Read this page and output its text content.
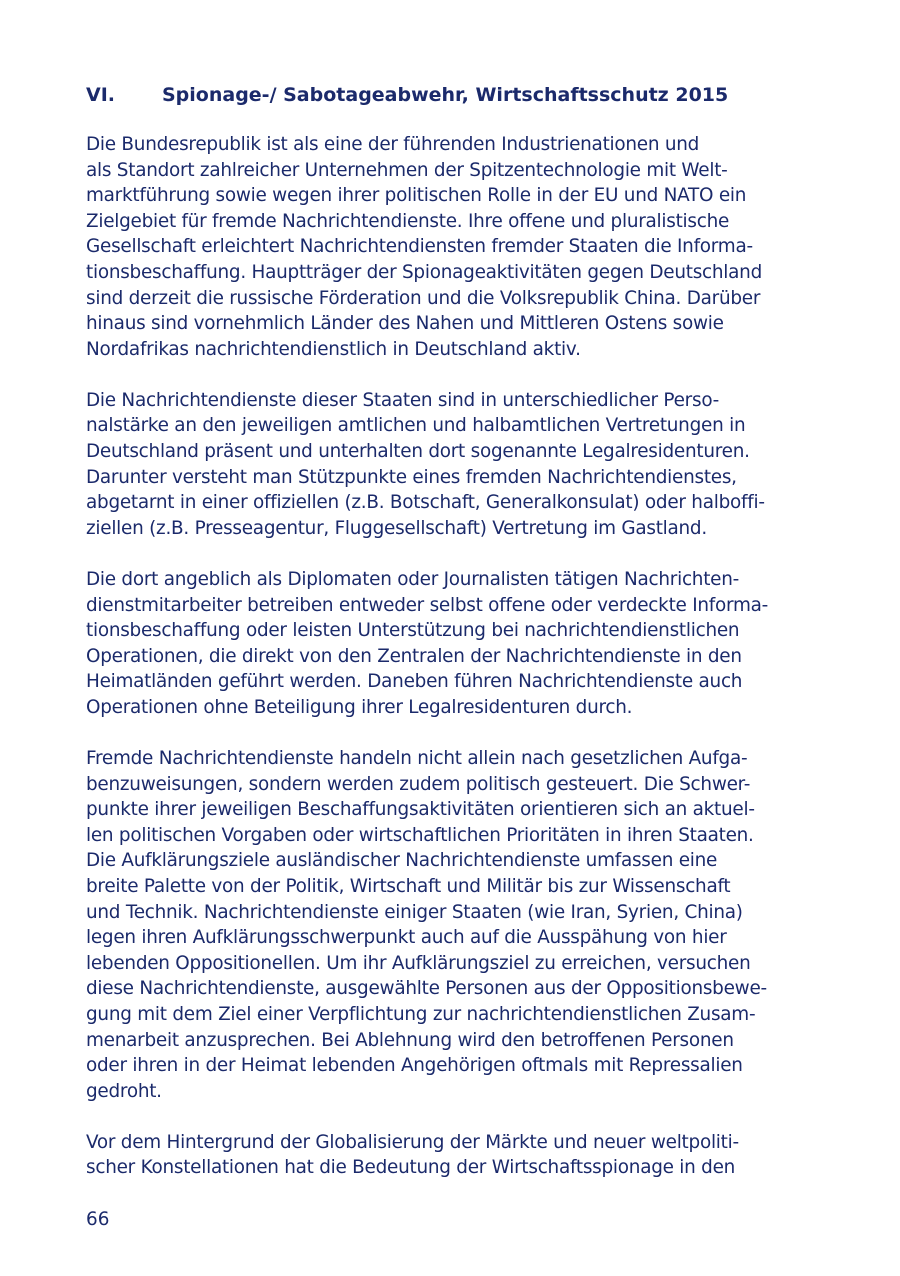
VI. Spionage-/ Sabotageabwehr, Wirtschaftsschutz 2015

Die Bundesrepublik ist als eine der führenden Industrienationen und
als Standort zahlreicher Unternehmen der Spitzentechnologie mit Welt-
marktführung sowie wegen ihrer politischen Rolle in der EU und NATO ein
Zielgebiet für fremde Nachrichtendienste. Ihre offene und pluralistische
Gesellschaft erleichtert Nachrichtendiensten fremder Staaten die Informa-
tionsbeschaffung. Hauptträger der Spionageaktivitäten gegen Deutschland
sind derzeit die russische Förderation und die Volksrepublik China. Darüber
hinaus sind vornehmlich Länder des Nahen und Mittleren Ostens sowie
Nordafrikas nachrichtendienstlich in Deutschland aktiv.

Die Nachrichtendienste dieser Staaten sind in unterschiedlicher Perso-
nalstärke an den jeweiligen amtlichen und halbamtlichen Vertretungen in
Deutschland präsent und unterhalten dort sogenannte Legalresidenturen.
Darunter versteht man Stützpunkte eines fremden Nachrichtendienstes,
abgetarnt in einer offiziellen (z.B. Botschaft, Generalkonsulat) oder halboffi-
ziellen (z.B. Presseagentur, Fluggesellschaft) Vertretung im Gastland.

Die dort angeblich als Diplomaten oder Journalisten tätigen Nachrichten-
dienstmitarbeiter betreiben entweder selbst offene oder verdeckte Informa-
tionsbeschaffung oder leisten Unterstützung bei nachrichtendienstlichen
Operationen, die direkt von den Zentralen der Nachrichtendienste in den
Heimatländen geführt werden. Daneben führen Nachrichtendienste auch
Operationen ohne Beteiligung ihrer Legalresidenturen durch.

Fremde Nachrichtendienste handeln nicht allein nach gesetzlichen Aufga-
benzuweisungen, sondern werden zudem politisch gesteuert. Die Schwer-
punkte ihrer jeweiligen Beschaffungsaktivitäten orientieren sich an aktuel-
len politischen Vorgaben oder wirtschaftlichen Prioritäten in ihren Staaten.
Die Aufklärungsziele ausländischer Nachrichtendienste umfassen eine
breite Palette von der Politik, Wirtschaft und Militär bis zur Wissenschaft
und Technik. Nachrichtendienste einiger Staaten (wie Iran, Syrien, China)
legen ihren Aufklärungsschwerpunkt auch auf die Ausspähung von hier
lebenden Oppositionellen. Um ihr Aufklärungsziel zu erreichen, versuchen
diese Nachrichtendienste, ausgewählte Personen aus der Oppositionsbewe-
gung mit dem Ziel einer Verpflichtung zur nachrichtendienstlichen Zusam-
menarbeit anzusprechen. Bei Ablehnung wird den betroffenen Personen
oder ihren in der Heimat lebenden Angehörigen oftmals mit Repressalien
gedroht.

Vor dem Hintergrund der Globalisierung der Märkte und neuer weltpoliti-
scher Konstellationen hat die Bedeutung der Wirtschaftsspionage in den

66
